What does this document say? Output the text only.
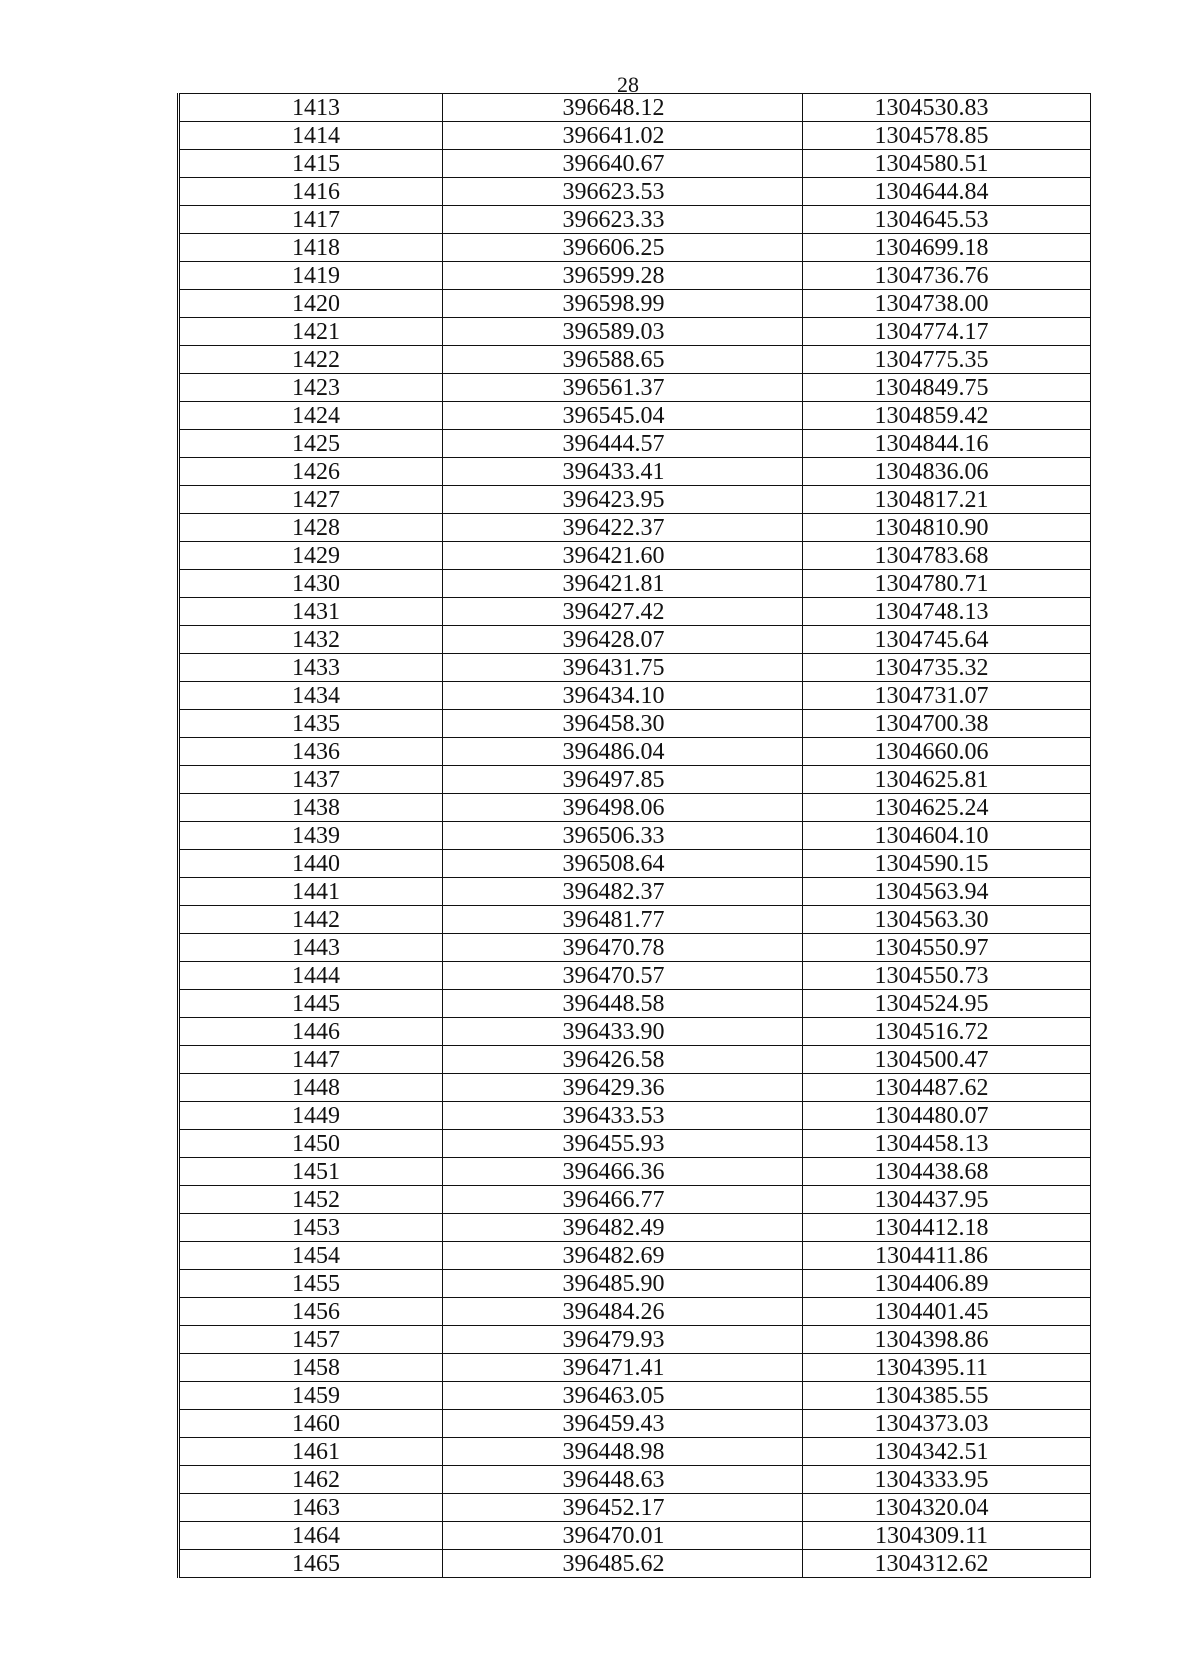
28
1413	396648.12	1304530.83
1414	396641.02	1304578.85
1415	396640.67	1304580.51
1416	396623.53	1304644.84
1417	396623.33	1304645.53
1418	396606.25	1304699.18
1419	396599.28	1304736.76
1420	396598.99	1304738.00
1421	396589.03	1304774.17
1422	396588.65	1304775.35
1423	396561.37	1304849.75
1424	396545.04	1304859.42
1425	396444.57	1304844.16
1426	396433.41	1304836.06
1427	396423.95	1304817.21
1428	396422.37	1304810.90
1429	396421.60	1304783.68
1430	396421.81	1304780.71
1431	396427.42	1304748.13
1432	396428.07	1304745.64
1433	396431.75	1304735.32
1434	396434.10	1304731.07
1435	396458.30	1304700.38
1436	396486.04	1304660.06
1437	396497.85	1304625.81
1438	396498.06	1304625.24
1439	396506.33	1304604.10
1440	396508.64	1304590.15
1441	396482.37	1304563.94
1442	396481.77	1304563.30
1443	396470.78	1304550.97
1444	396470.57	1304550.73
1445	396448.58	1304524.95
1446	396433.90	1304516.72
1447	396426.58	1304500.47
1448	396429.36	1304487.62
1449	396433.53	1304480.07
1450	396455.93	1304458.13
1451	396466.36	1304438.68
1452	396466.77	1304437.95
1453	396482.49	1304412.18
1454	396482.69	1304411.86
1455	396485.90	1304406.89
1456	396484.26	1304401.45
1457	396479.93	1304398.86
1458	396471.41	1304395.11
1459	396463.05	1304385.55
1460	396459.43	1304373.03
1461	396448.98	1304342.51
1462	396448.63	1304333.95
1463	396452.17	1304320.04
1464	396470.01	1304309.11
1465	396485.62	1304312.62
